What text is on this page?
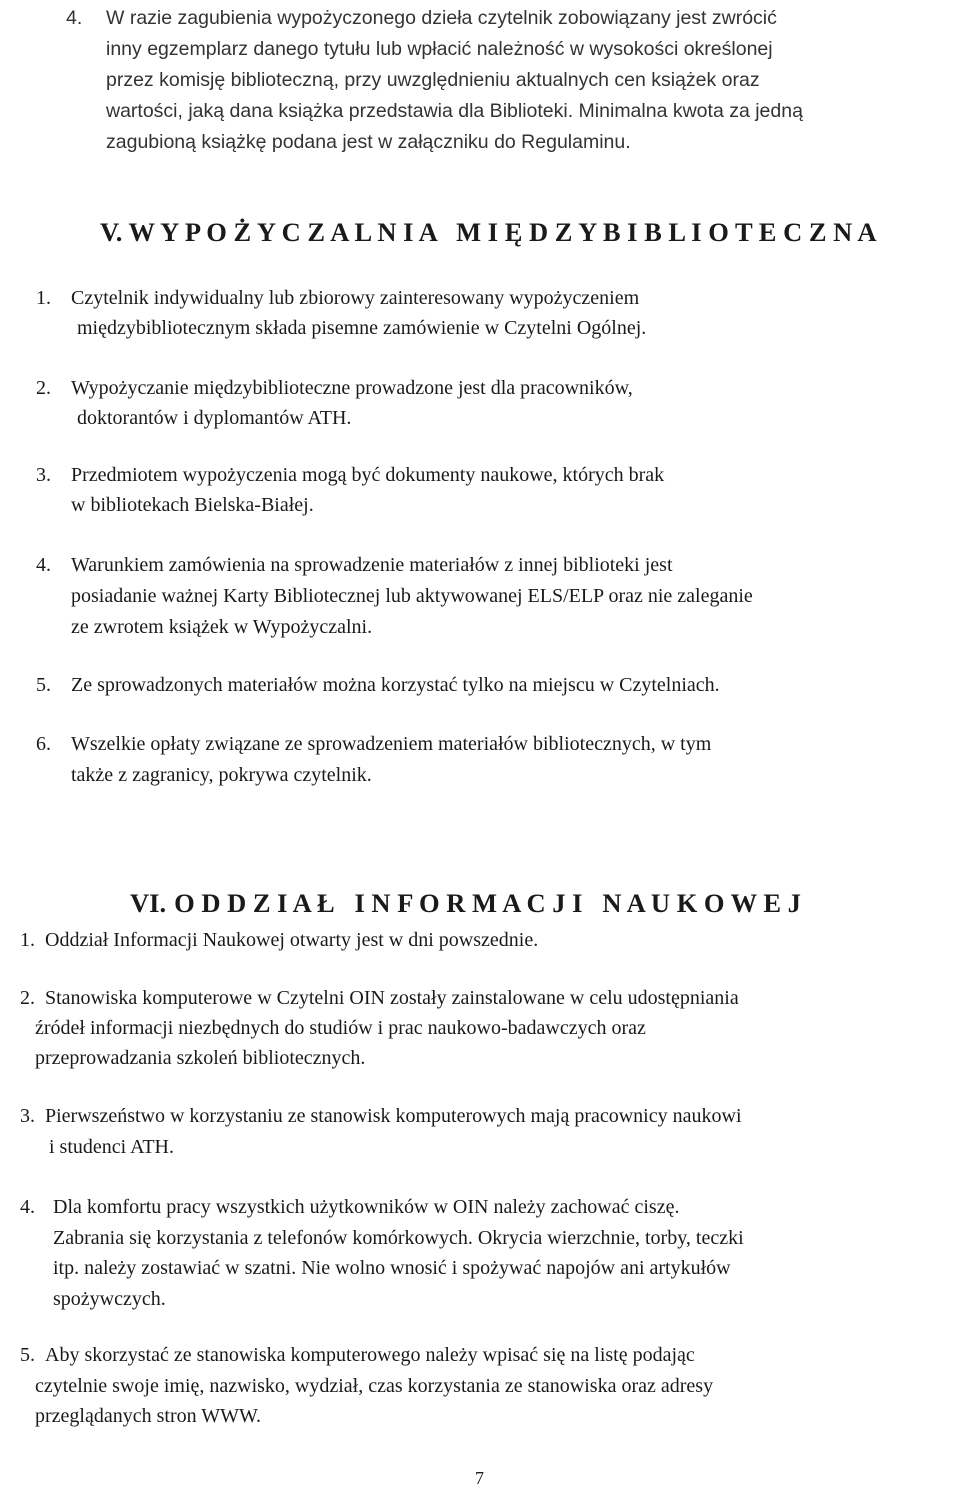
4. W razie zagubienia wypożyczonego dzieła czytelnik zobowiązany jest zwrócić
inny egzemplarz danego tytułu lub wpłacić należność w wysokości określonej
przez komisję biblioteczną, przy uwzględnieniu aktualnych cen książek oraz
wartości, jaką dana książka przedstawia dla Biblioteki. Minimalna kwota za jedną
zagubioną książkę podana jest w załączniku do Regulaminu.
V. W Y P O Ż Y C Z A L N I A   M I Ę D Z Y B I B L I O T E C Z N A
1. Czytelnik indywidualny lub zbiorowy zainteresowany wypożyczeniem
międzybibliotecznym składa pisemne zamówienie w Czytelni Ogólnej.
2. Wypożyczanie międzybiblioteczne prowadzone jest dla pracowników,
doktorantów i dyplomantów ATH.
3. Przedmiotem wypożyczenia mogą być dokumenty naukowe, których brak
w bibliotekach Bielska-Białej.
4. Warunkiem zamówienia na sprowadzenie materiałów z innej biblioteki jest
posiadanie ważnej Karty Bibliotecznej lub aktywowanej ELS/ELP oraz nie zaleganie
ze zwrotem książek w Wypożyczalni.
5. Ze sprowadzonych materiałów można korzystać tylko na miejscu w Czytelniach.
6. Wszelkie opłaty związane ze sprowadzeniem materiałów bibliotecznych, w tym
także z zagranicy, pokrywa czytelnik.

VI. O D D Z I A Ł   I N F O R M A C J I   N A U K O W E J

1. Oddział Informacji Naukowej otwarty jest w dni powszednie.
2. Stanowiska komputerowe w Czytelni OIN zostały zainstalowane w celu udostępniania
źródeł informacji niezbędnych do studiów i prac naukowo-badawczych oraz
przeprowadzania szkoleń bibliotecznych.
3. Pierwszeństwo w korzystaniu ze stanowisk komputerowych mają pracownicy naukowi
i studenci ATH.
4. Dla komfortu pracy wszystkich użytkowników w OIN należy zachować ciszę.
Zabrania się korzystania z telefonów komórkowych. Okrycia wierzchnie, torby, teczki
itp. należy zostawiać w szatni. Nie wolno wnosić i spożywać napojów ani artykułów
spożywczych.
5. Aby skorzystać ze stanowiska komputerowego należy wpisać się na listę podając
czytelnie swoje imię, nazwisko, wydział, czas korzystania ze stanowiska oraz adresy
przeglądanych stron WWW.
7
